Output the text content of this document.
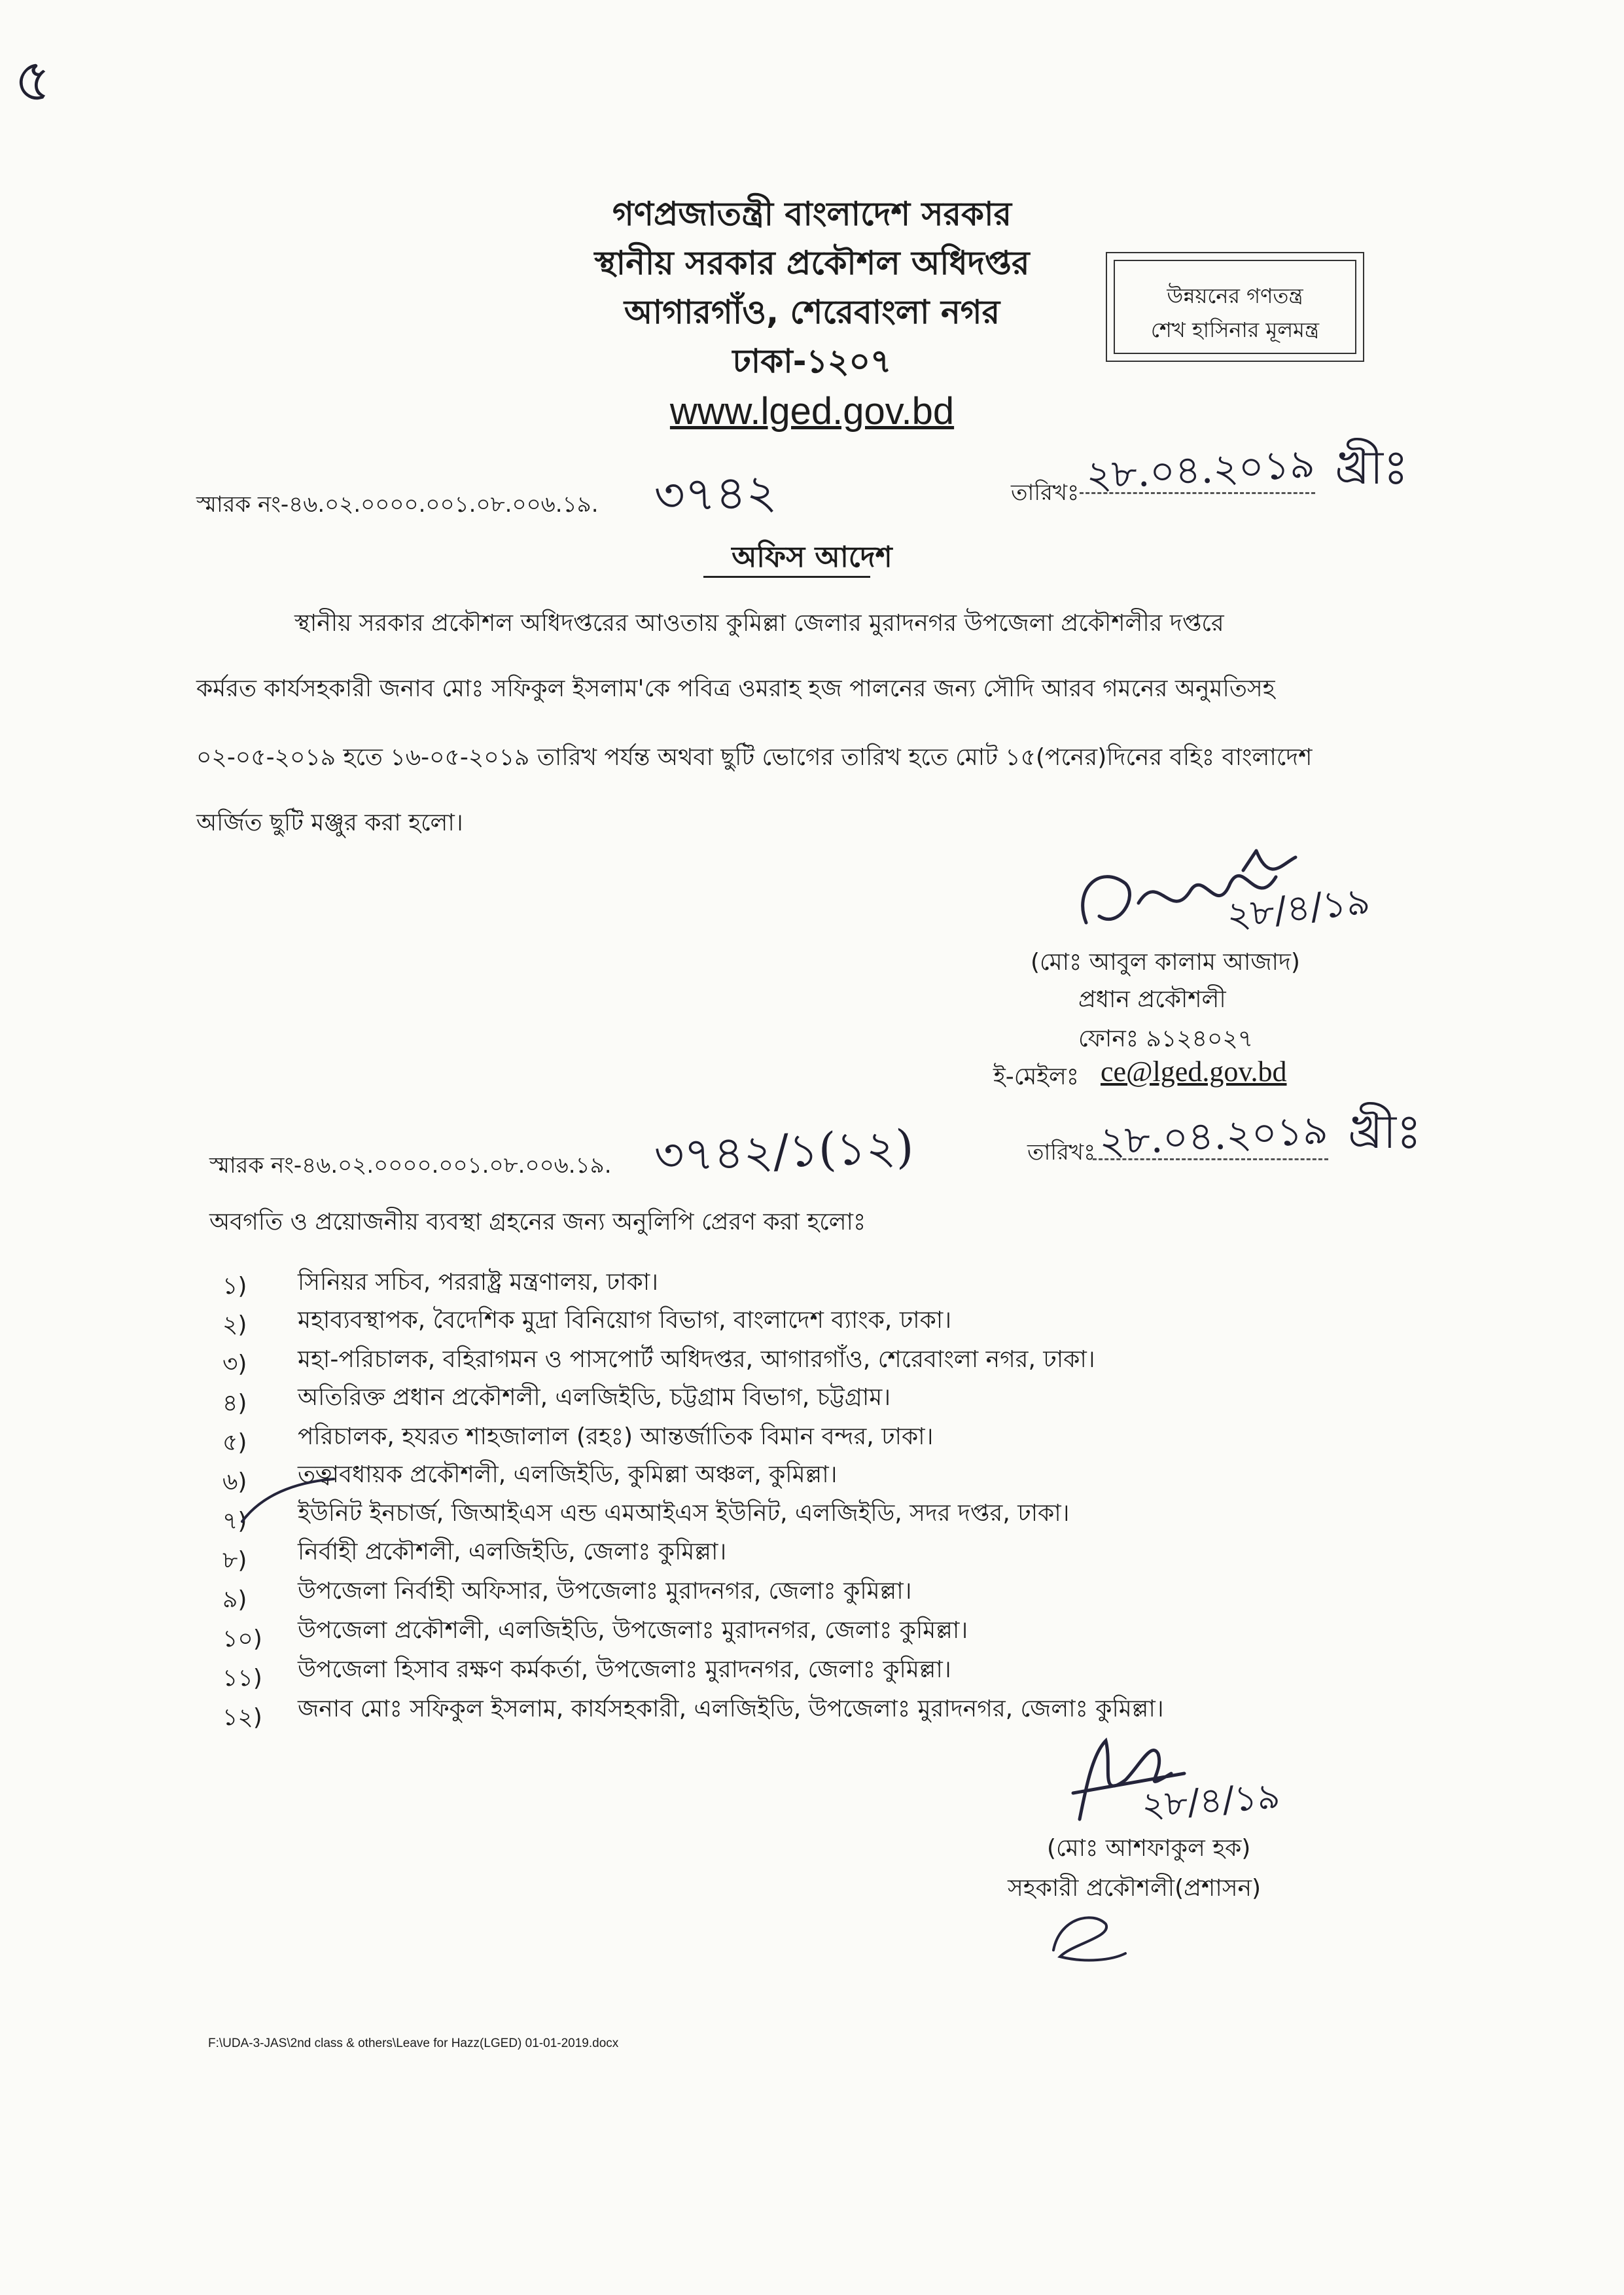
৫
গণপ্রজাতন্ত্রী বাংলাদেশ সরকার
স্থানীয় সরকার প্রকৌশল অধিদপ্তর
আগারগাঁও, শেরেবাংলা নগর
ঢাকা-১২০৭
www.lged.gov.bd
উন্নয়নের গণতন্ত্র
শেখ হাসিনার মূলমন্ত্র
স্মারক নং-৪৬.০২.০০০০.০০১.০৮.০০৬.১৯. ৩৭৪২	তারিখঃ ২৮.০৪.২০১৯ খ্রীঃ
অফিস আদেশ
স্থানীয় সরকার প্রকৌশল অধিদপ্তরের আওতায় কুমিল্লা জেলার মুরাদনগর উপজেলা প্রকৌশলীর দপ্তরে
কর্মরত কার্যসহকারী জনাব মোঃ সফিকুল ইসলাম'কে পবিত্র ওমরাহ হজ পালনের জন্য সৌদি আরব গমনের অনুমতিসহ
০২-০৫-২০১৯ হতে ১৬-০৫-২০১৯ তারিখ পর্যন্ত অথবা ছুটি ভোগের তারিখ হতে মোট ১৫(পনের)দিনের বহিঃ বাংলাদেশ
অর্জিত ছুটি মঞ্জুর করা হলো।
২৮/৪/১৯
(মোঃ আবুল কালাম আজাদ)
প্রধান প্রকৌশলী
ফোনঃ ৯১২৪০২৭
ই-মেইলঃ ce@lged.gov.bd
স্মারক নং-৪৬.০২.০০০০.০০১.০৮.০০৬.১৯. ৩৭৪২/১(১২)	তারিখঃ ২৮.০৪.২০১৯ খ্রীঃ
অবগতি ও প্রয়োজনীয় ব্যবস্থা গ্রহনের জন্য অনুলিপি প্রেরণ করা হলোঃ
১)	সিনিয়র সচিব, পররাষ্ট্র মন্ত্রণালয়, ঢাকা।
২)	মহাব্যবস্থাপক, বৈদেশিক মুদ্রা বিনিয়োগ বিভাগ, বাংলাদেশ ব্যাংক, ঢাকা।
৩)	মহা-পরিচালক, বহিরাগমন ও পাসপোর্ট অধিদপ্তর, আগারগাঁও, শেরেবাংলা নগর, ঢাকা।
৪)	অতিরিক্ত প্রধান প্রকৌশলী, এলজিইডি, চট্টগ্রাম বিভাগ, চট্টগ্রাম।
৫)	পরিচালক, হযরত শাহজালাল (রহঃ) আন্তর্জাতিক বিমান বন্দর, ঢাকা।
৬)	তত্বাবধায়ক প্রকৌশলী, এলজিইডি, কুমিল্লা অঞ্চল, কুমিল্লা।
৭)	ইউনিট ইনচার্জ, জিআইএস এন্ড এমআইএস ইউনিট, এলজিইডি, সদর দপ্তর, ঢাকা।
৮)	নির্বাহী প্রকৌশলী, এলজিইডি, জেলাঃ কুমিল্লা।
৯)	উপজেলা নির্বাহী অফিসার, উপজেলাঃ মুরাদনগর, জেলাঃ কুমিল্লা।
১০)	উপজেলা প্রকৌশলী, এলজিইডি, উপজেলাঃ মুরাদনগর, জেলাঃ কুমিল্লা।
১১)	উপজেলা হিসাব রক্ষণ কর্মকর্তা, উপজেলাঃ মুরাদনগর, জেলাঃ কুমিল্লা।
১২)	জনাব মোঃ সফিকুল ইসলাম, কার্যসহকারী, এলজিইডি, উপজেলাঃ মুরাদনগর, জেলাঃ কুমিল্লা।
২৮/৪/১৯
(মোঃ আশফাকুল হক)
সহকারী প্রকৌশলী(প্রশাসন)
F:\UDA-3-JAS\2nd class & others\Leave for Hazz(LGED) 01-01-2019.docx
